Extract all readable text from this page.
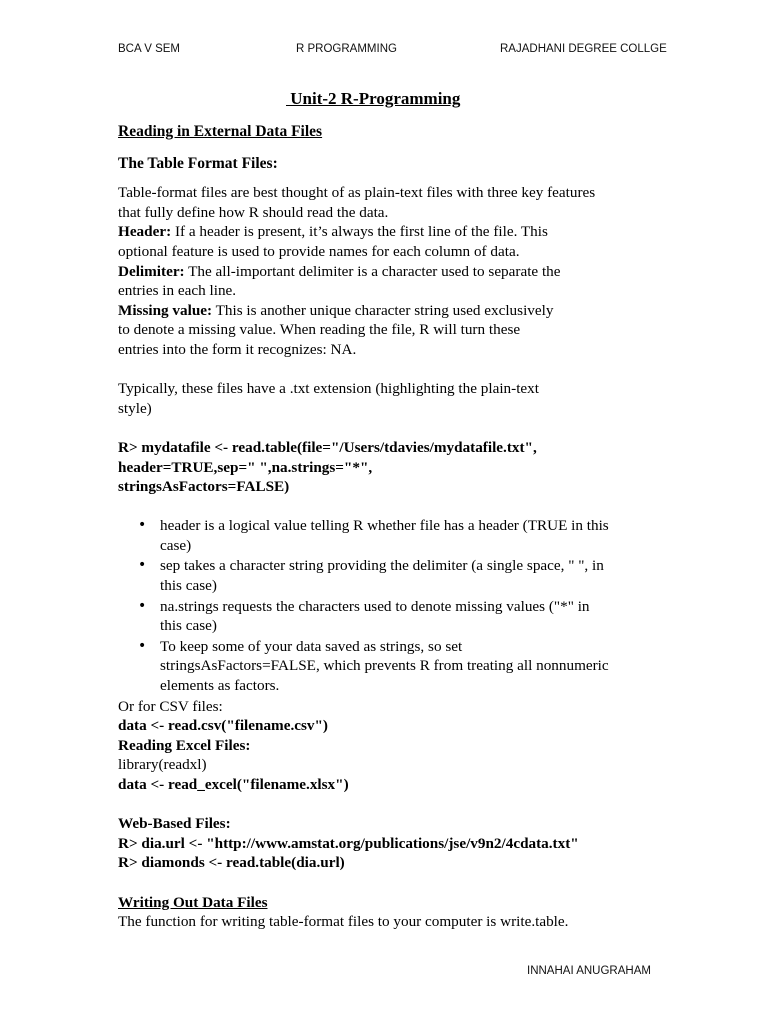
BCA V SEM	R PROGRAMMING	RAJADHANI DEGREE COLLGE
Unit-2 R-Programming

Reading in External Data Files

The Table Format Files:

Table-format files are best thought of as plain-text files with three key features

that fully define how R should read the data.

Header: If a header is present, it’s always the first line of the file. This

optional feature is used to provide names for each column of data.

Delimiter: The all-important delimiter is a character used to separate the

entries in each line.

Missing value: This is another unique character string used exclusively

to denote a missing value. When reading the file, R will turn these

entries into the form it recognizes: NA.

Typically, these files have a .txt extension (highlighting the plain-text

style)

R> mydatafile <- read.table(file="/Users/tdavies/mydatafile.txt",

header=TRUE,sep=" ",na.strings="*",

stringsAsFactors=FALSE)

• header is a logical value telling R whether file has a header (TRUE in this
case)
• sep takes a character string providing the delimiter (a single space, " ", in
this case)
• na.strings requests the characters used to denote missing values ("*" in
this case)
• To keep some of your data saved as strings, so set
stringsAsFactors=FALSE, which prevents R from treating all nonnumeric
elements as factors.

Or for CSV files:

data <- read.csv("filename.csv")

Reading Excel Files:

library(readxl)

data <- read_excel("filename.xlsx")

Web-Based Files:

R> dia.url <- "http://www.amstat.org/publications/jse/v9n2/4cdata.txt"

R> diamonds <- read.table(dia.url)

Writing Out Data Files

The function for writing table-format files to your computer is write.table.

INNAHAI ANUGRAHAM
